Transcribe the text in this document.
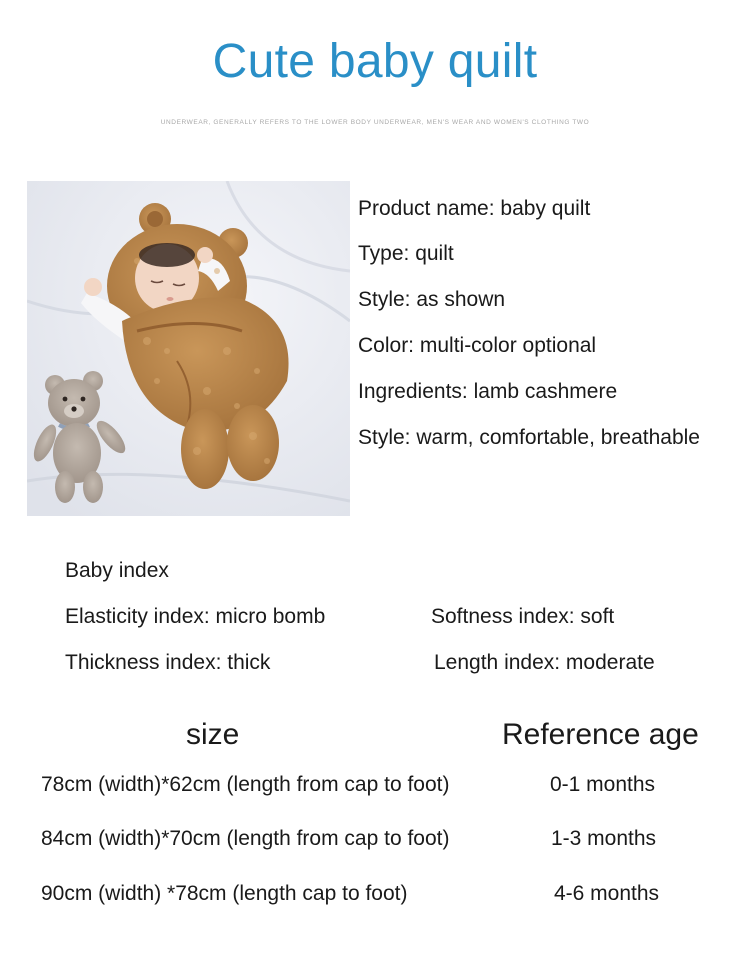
Cute baby quilt
UNDERWEAR, GENERALLY REFERS TO THE LOWER BODY UNDERWEAR, MEN'S WEAR AND WOMEN'S CLOTHING TWO
Product name: baby quilt
Type: quilt
Style: as shown
Color: multi-color optional
Ingredients: lamb cashmere
Style: warm, comfortable, breathable
Baby index
Elasticity index: micro bomb	Softness index: soft
Thickness index: thick	Length index: moderate
size	Reference age
78cm (width)*62cm (length from cap to foot)	0-1 months
84cm (width)*70cm (length from cap to foot)	1-3 months
90cm (width) *78cm (length cap to foot)	4-6 months
